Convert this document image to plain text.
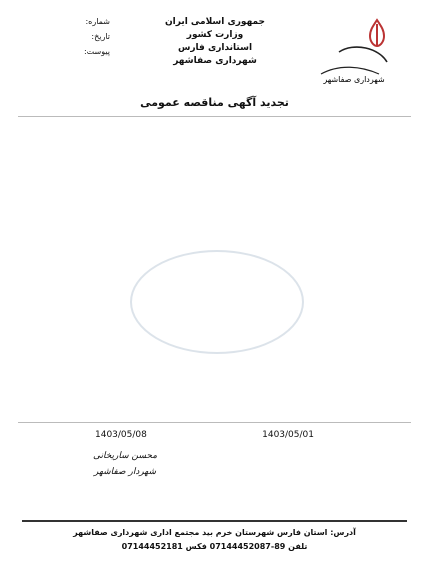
جمهوری اسلامی ایران
وزارت کشور
استانداری فارس
شهرداری صفاشهر
شماره:
تاریخ:
پیوست:
شهرداری صفاشهر
تجدید آگهی مناقصه عمومی
1403/05/01
1403/05/08
محسن ساریخانی
شهردار صفاشهر
آدرس: استان فارس شهرستان خرم بید مجتمع اداری شهرداری صفاشهر
تلفن 89-07144452087 فکس 07144452181
